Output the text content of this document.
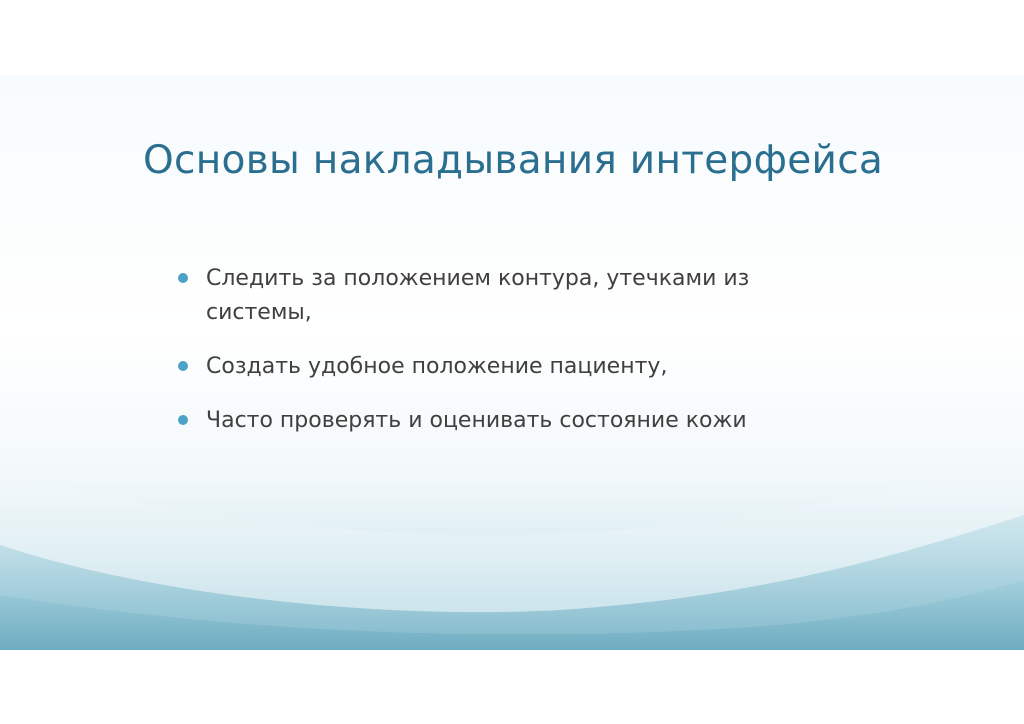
Основы накладывания интерфейса
Следить за положением контура, утечками из системы,
Создать удобное положение пациенту,
Часто проверять и оценивать состояние кожи
